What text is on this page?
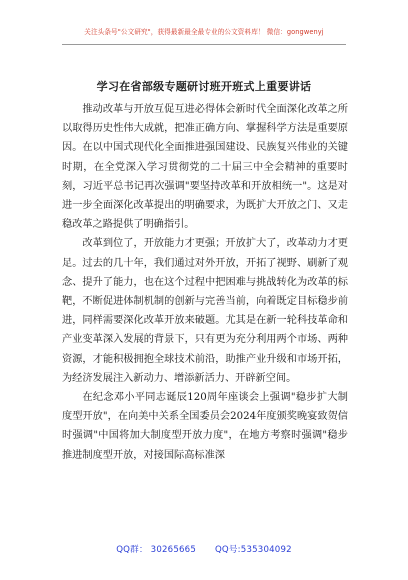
关注头条号"公文研究"，获得最新最全最专业的公文资料库！ 微信：gongwenyj
学习在省部级专题研讨班开班式上重要讲话

推动改革与开放互促互进必得体会新时代全面深化改革之所以取得历史性伟大成就，把准正确方向、掌握科学方法是重要原因。在以中国式现代化全面推进强国建设、民族复兴伟业的关键时期，在全党深入学习贯彻党的二十届三中全会精神的重要时刻，习近平总书记再次强调"要坚持改革和开放相统一"。这是对进一步全面深化改革提出的明确要求，为既扩大开放之门、又走稳改革之路提供了明确指引。

改革到位了，开放能力才更强；开放扩大了，改革动力才更足。过去的几十年，我们通过对外开放，开拓了视野、刷新了观念、提升了能力，也在这个过程中把困难与挑战转化为改革的标靶，不断促进体制机制的创新与完善当前，向着既定目标稳步前进，同样需要深化改革开放来破题。尤其是在新一轮科技革命和产业变革深入发展的背景下，只有更为充分利用两个市场、两种资源，才能积极拥抱全球技术前沿，助推产业升级和市场开拓，为经济发展注入新动力、增添新活力、开辟新空间。

在纪念邓小平同志诞辰120周年座谈会上强调"稳步扩大制度型开放"，在向美中关系全国委员会2024年度颁奖晚宴致贺信时强调"中国将加大制度型开放力度"，在地方考察时强调"稳步推进制度型开放，对接国际高标准深

QQ群： 30265665 QQ号:535304092
